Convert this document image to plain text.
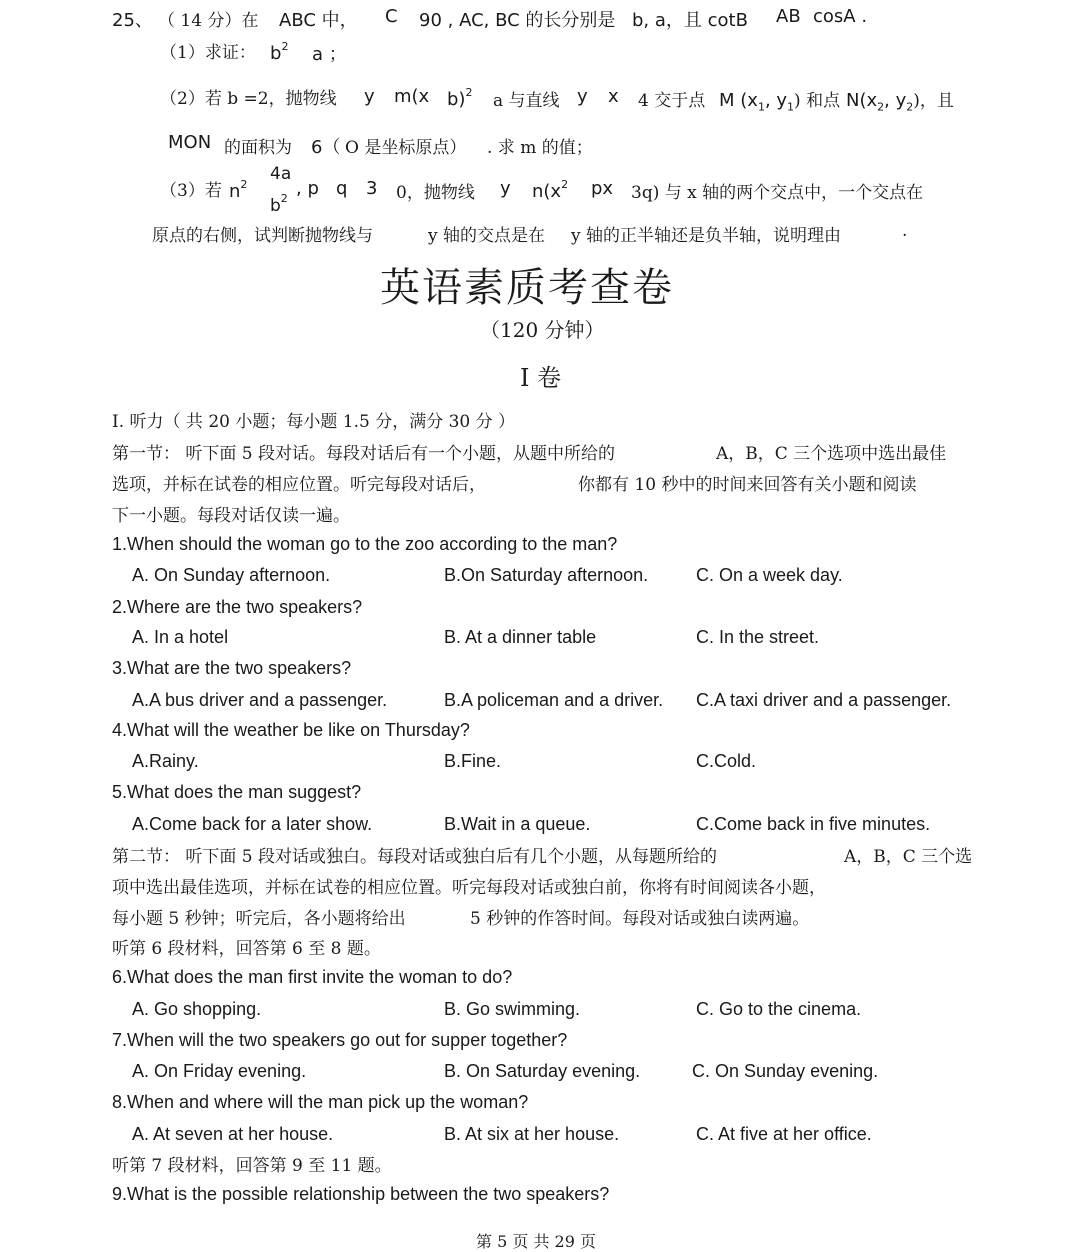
25、 （ 14 分）在 ABC 中， C 90 , AC, BC 的长分别是 b, a，且 cotB AB cosA .
（1）求证： $b^2$ a ；
（2）若 b =2，抛物线 y m(x b)$^2$ a 与直线 y x 4 交于点 M ($x_1$, $y_1$) 和点 $N(x_2$, $y_2$)，且
MON 的面积为 6（ O 是坐标原点） . 求 m 的值；
（3）若 $n^2$
4a
$b^2$ , p q 3 0，抛物线 y $n(x^2$ px 3q) 与 x 轴的两个交点中，一个交点在
原点的右侧，试判断抛物线与	y 轴的交点是在 y 轴的正半轴还是负半轴，说明理由	.
英语素质考查卷
（120 分钟）
Ⅰ 卷
I. 听力（ 共 20 小题；每小题 1.5 分，满分 30 分 ）
第一节： 听下面 5 段对话。每段对话后有一个小题，从题中所给的	A，B，C 三个选项中选出最佳
选项，并标在试卷的相应位置。听完每段对话后，	你都有 10 秒中的时间来回答有关小题和阅读
下一小题。每段对话仅读一遍。
1.When should the woman go to the zoo according to the man?
A. On Sunday afternoon.	B.On Saturday afternoon.	C. On a week day.
2.Where are the two speakers?
A. In a hotel	B. At a dinner table	C. In the street.
3.What are the two speakers?
A.A bus driver and a passenger.	B.A policeman and a driver. C.A taxi driver and a passenger.
4.What will the weather be like on Thursday?
A.Rainy.	B.Fine.	C.Cold.
5.What does the man suggest?
A.Come back for a later show.	B.Wait in a queue.	C.Come back in five minutes.
第二节： 听下面 5 段对话或独白。每段对话或独白后有几个小题，从每题所给的	A，B，C 三个选
项中选出最佳选项，并标在试卷的相应位置。听完每段对话或独白前，你将有时间阅读各小题，
每小题 5 秒钟；听完后，各小题将给出	5 秒钟的作答时间。每段对话或独白读两遍。
听第 6 段材料，回答第 6 至 8 题。
6.What does the man first invite the woman to do?
A. Go shopping.	B. Go swimming.	C. Go to the cinema.
7.When will the two speakers go out for supper together?
A. On Friday evening.	B. On Saturday evening.	C. On Sunday evening.
8.When and where will the man pick up the woman?
A. At seven at her house.	B. At six at her house.	C. At five at her office.
听第 7 段材料，回答第 9 至 11 题。
9.What is the possible relationship between the two speakers?
第 5 页 共 29 页
